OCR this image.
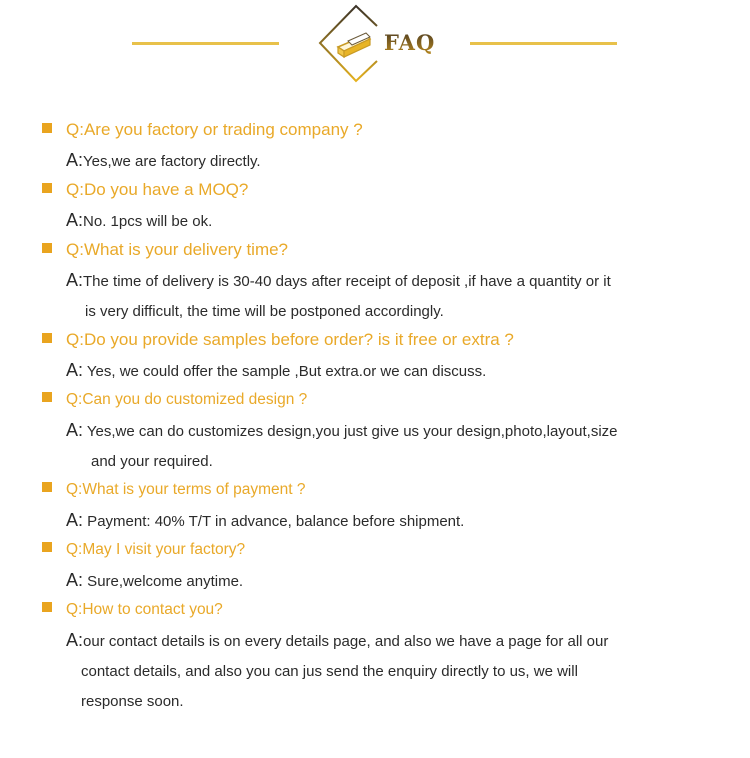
FAQ
Q:Are you factory or trading company ?
A:Yes,we are factory directly.
Q:Do you have a MOQ?
A:No. 1pcs will be ok.
Q:What is your delivery time?
A:The time of delivery is 30-40 days after receipt of deposit ,if have a quantity or it
is very difficult, the time will be postponed accordingly.
Q:Do you provide samples before order? is it free or extra ?
A: Yes, we could offer the sample ,But extra.or we can discuss.
Q:Can you do customized design ?
A: Yes,we can do customizes design,you just give us your design,photo,layout,size
and your required.
Q:What is your terms of payment ?
A: Payment: 40% T/T in advance, balance before shipment.
Q:May I visit your factory?
A: Sure,welcome anytime.
Q:How to contact you?
A:our contact details is on every details page, and also we have a page for all our
contact details, and also you can jus send the enquiry directly to us, we will
response soon.
